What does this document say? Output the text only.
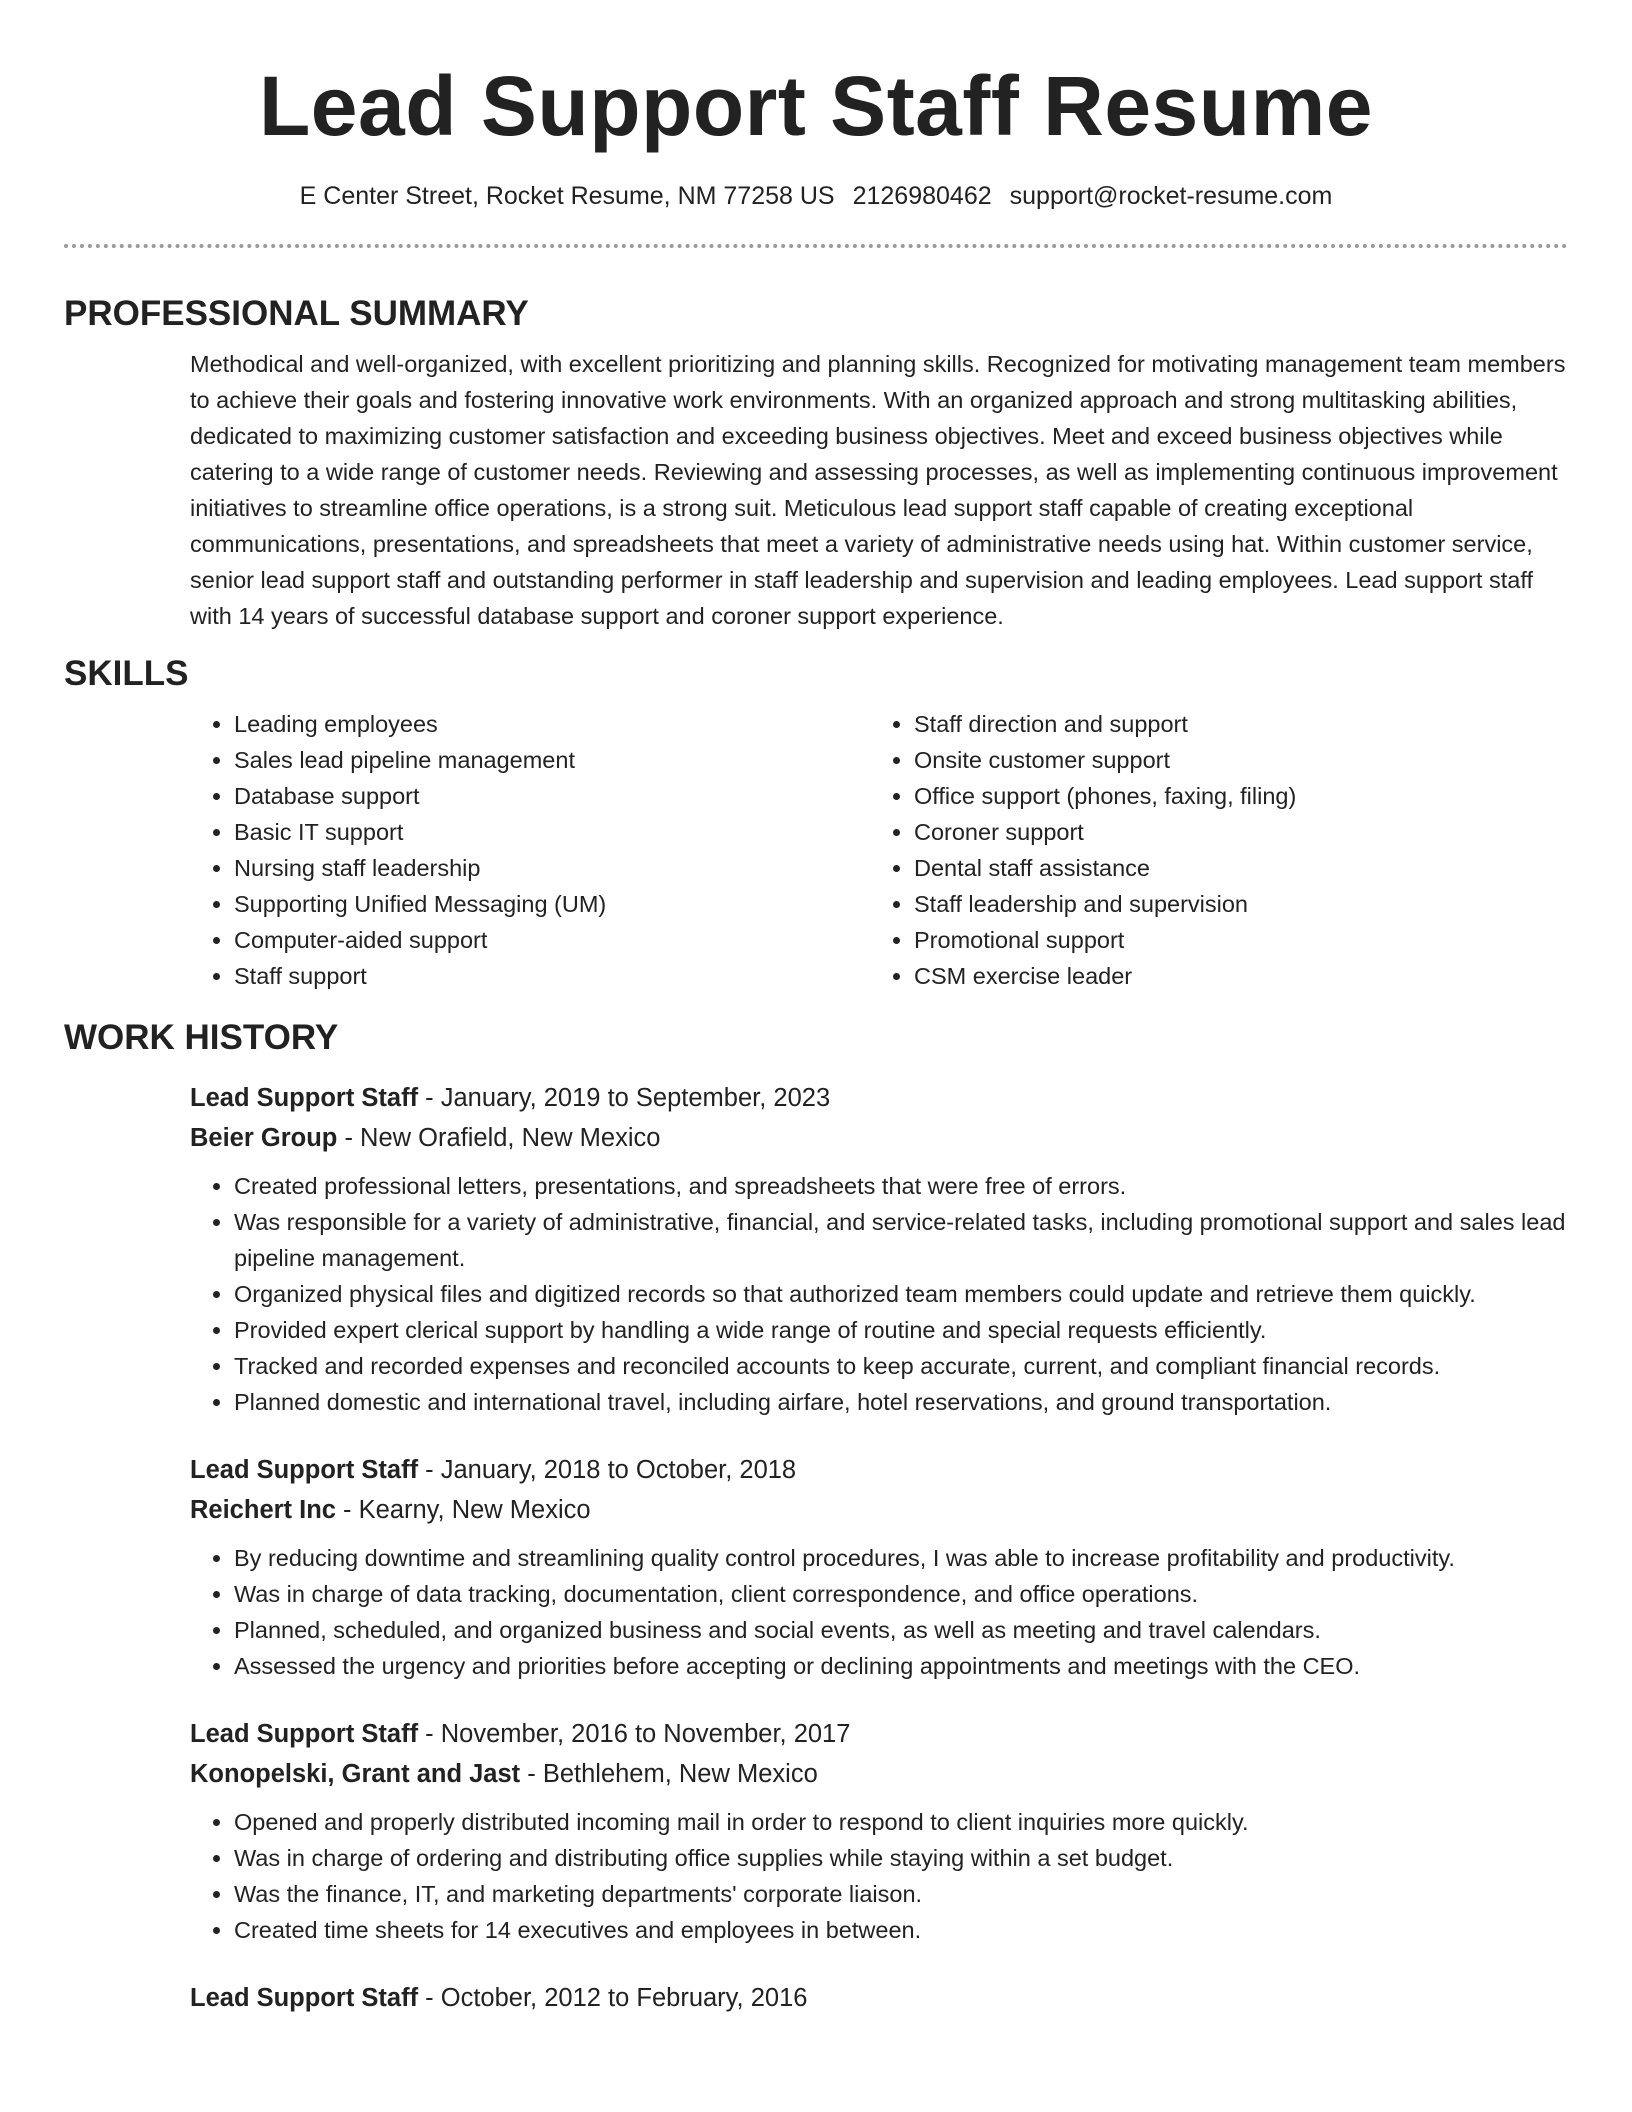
Lead Support Staff Resume
E Center Street, Rocket Resume, NM 77258 US 2126980462 support@rocket-resume.com
PROFESSIONAL SUMMARY

Methodical and well-organized, with excellent prioritizing and planning skills. Recognized for motivating management team members to achieve their goals and fostering innovative work environments. With an organized approach and strong multitasking abilities, dedicated to maximizing customer satisfaction and exceeding business objectives. Meet and exceed business objectives while catering to a wide range of customer needs. Reviewing and assessing processes, as well as implementing continuous improvement initiatives to streamline office operations, is a strong suit. Meticulous lead support staff capable of creating exceptional communications, presentations, and spreadsheets that meet a variety of administrative needs using hat. Within customer service, senior lead support staff and outstanding performer in staff leadership and supervision and leading employees. Lead support staff with 14 years of successful database support and coroner support experience.

SKILLS
• Leading employees
• Sales lead pipeline management
• Database support
• Basic IT support
• Nursing staff leadership
• Supporting Unified Messaging (UM)
• Computer-aided support
• Staff support
• Staff direction and support
• Onsite customer support
• Office support (phones, faxing, filing)
• Coroner support
• Dental staff assistance
• Staff leadership and supervision
• Promotional support
• CSM exercise leader
WORK HISTORY
Lead Support Staff - January, 2019 to September, 2023
Beier Group - New Orafield, New Mexico
• Created professional letters, presentations, and spreadsheets that were free of errors.
• Was responsible for a variety of administrative, financial, and service-related tasks, including promotional support and sales lead pipeline management.
• Organized physical files and digitized records so that authorized team members could update and retrieve them quickly.
• Provided expert clerical support by handling a wide range of routine and special requests efficiently.
• Tracked and recorded expenses and reconciled accounts to keep accurate, current, and compliant financial records.
• Planned domestic and international travel, including airfare, hotel reservations, and ground transportation.
Lead Support Staff - January, 2018 to October, 2018
Reichert Inc - Kearny, New Mexico
• By reducing downtime and streamlining quality control procedures, I was able to increase profitability and productivity.
• Was in charge of data tracking, documentation, client correspondence, and office operations.
• Planned, scheduled, and organized business and social events, as well as meeting and travel calendars.
• Assessed the urgency and priorities before accepting or declining appointments and meetings with the CEO.
Lead Support Staff - November, 2016 to November, 2017
Konopelski, Grant and Jast - Bethlehem, New Mexico
• Opened and properly distributed incoming mail in order to respond to client inquiries more quickly.
• Was in charge of ordering and distributing office supplies while staying within a set budget.
• Was the finance, IT, and marketing departments' corporate liaison.
• Created time sheets for 14 executives and employees in between.
Lead Support Staff - October, 2012 to February, 2016
